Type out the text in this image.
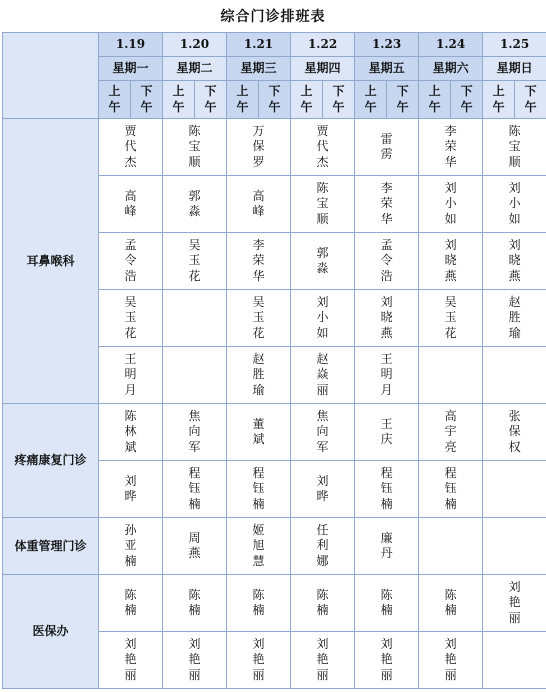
综合门诊排班表
	1.19		1.20		1.21		1.22		1.23		1.24		1.25	
	星期一		星期二		星期三		星期四		星期五		星期六		星期日	
	上午	下午	上午	下午	上午	下午	上午	下午	上午	下午	上午	下午	上午	下午
耳鼻喉科	贾代杰		陈宝顺		万保罗		贾代杰		雷雳		李荣华		陈宝顺	
	高峰		郭淼		高峰		陈宝顺		李荣华		刘小如		刘小如	
	孟令浩		吴玉花		李荣华		郭淼		孟令浩		刘晓燕		刘晓燕	
	吴玉花				吴玉花		刘小如		刘晓燕		吴玉花		赵胜瑜	
	王明月				赵胜瑜		赵焱丽		王明月					
疼痛康复门诊	陈林斌		焦向军		董斌		焦向军		王庆		高宇亮		张保权	
	刘晔		程钰楠		程钰楠		刘晔		程钰楠		程钰楠			
体重管理门诊	孙亚楠		周燕		姬旭慧		任利娜		廉丹					
医保办	陈楠		陈楠		陈楠		陈楠		陈楠		陈楠		刘艳丽	
	刘艳丽		刘艳丽		刘艳丽		刘艳丽		刘艳丽		刘艳丽			
